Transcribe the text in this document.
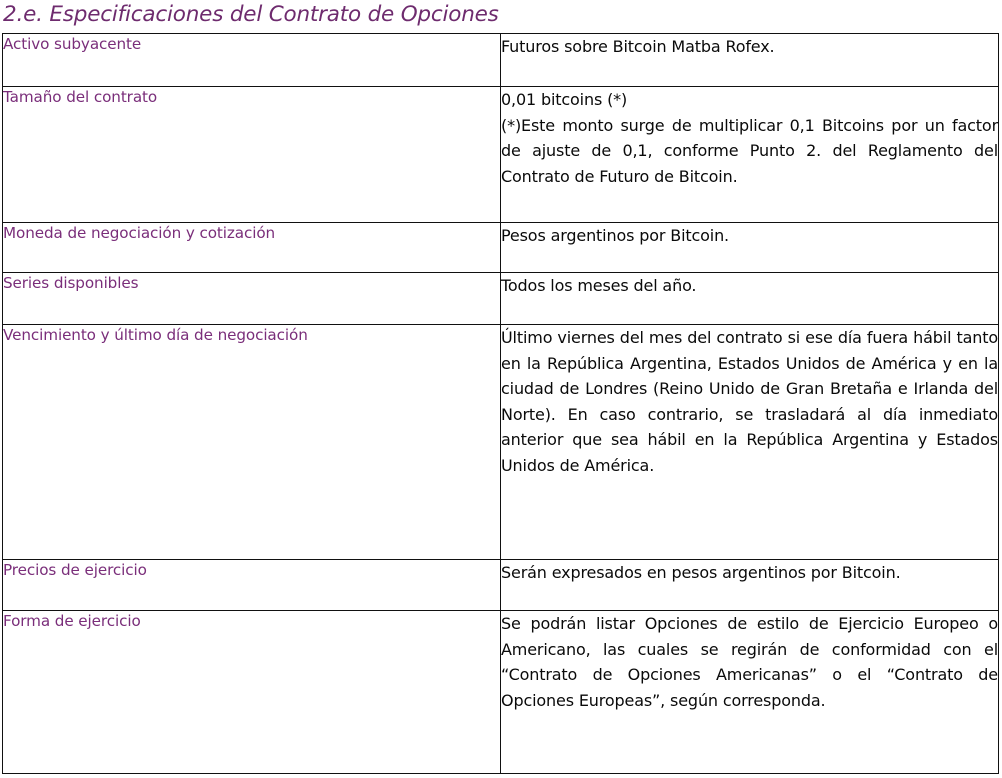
2.e. Especificaciones del Contrato de Opciones
Activo subyacente	Futuros sobre Bitcoin Matba Rofex.

Tamaño del contrato	0,01 bitcoins (*)
(*)Este monto surge de multiplicar 0,1 Bitcoins por un factor de ajuste de 0,1, conforme Punto 2. del Reglamento del Contrato de Futuro de Bitcoin.

Moneda de negociación y cotización	Pesos argentinos por Bitcoin.

Series disponibles	Todos los meses del año.

Vencimiento y último día de negociación	Último viernes del mes del contrato si ese día fuera hábil tanto en la República Argentina, Estados Unidos de América y en la ciudad de Londres (Reino Unido de Gran Bretaña e Irlanda del Norte). En caso contrario, se trasladará al día inmediato anterior que sea hábil en la República Argentina y Estados Unidos de América.

Precios de ejercicio	Serán expresados en pesos argentinos por Bitcoin.

Forma de ejercicio	Se podrán listar Opciones de estilo de Ejercicio Europeo o Americano, las cuales se regirán de conformidad con el “Contrato de Opciones Americanas” o el “Contrato de Opciones Europeas”, según corresponda.
